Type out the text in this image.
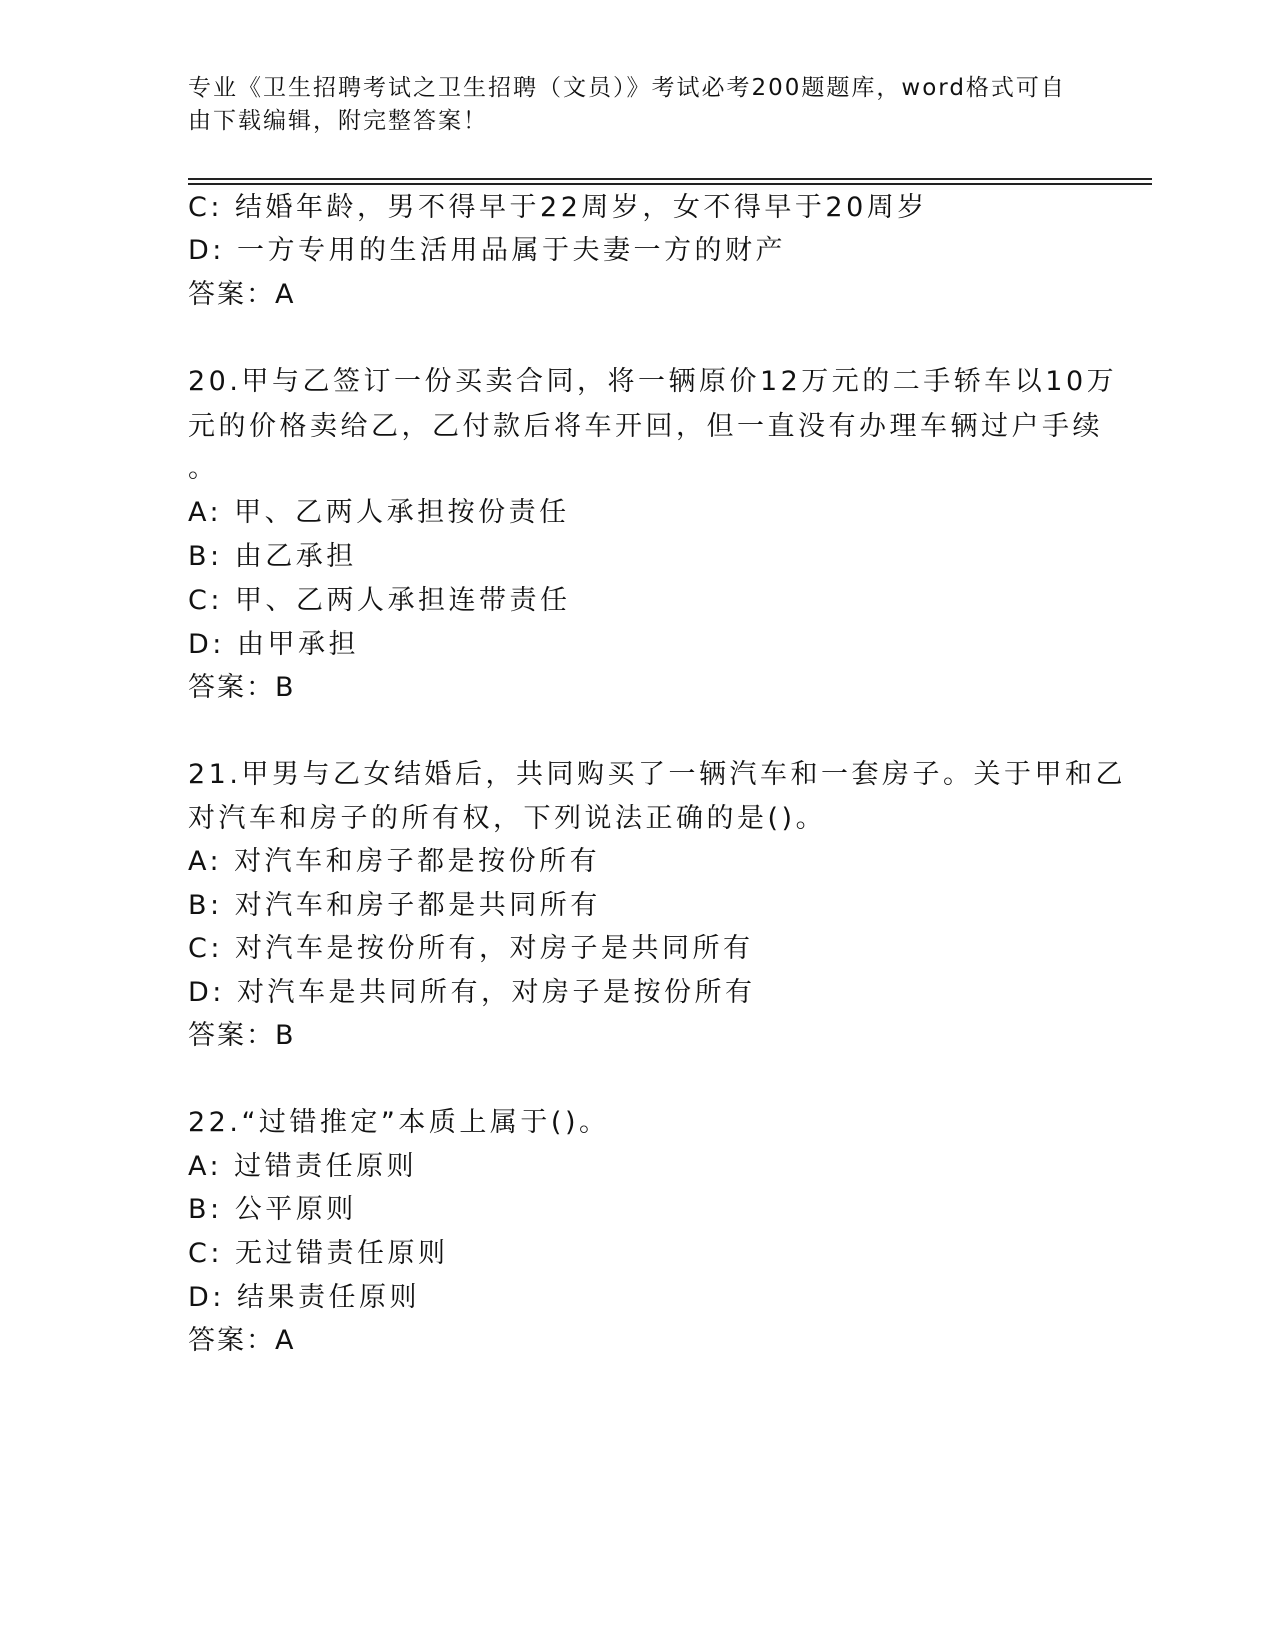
专业《卫生招聘考试之卫生招聘（文员）》考试必考200题题库，word格式可自
由下载编辑，附完整答案！
C: 结婚年龄，男不得早于22周岁，女不得早于20周岁
D: 一方专用的生活用品属于夫妻一方的财产
答案：A
20.甲与乙签订一份买卖合同，将一辆原价12万元的二手轿车以10万
元的价格卖给乙，乙付款后将车开回，但一直没有办理车辆过户手续
。
A: 甲、乙两人承担按份责任
B: 由乙承担
C: 甲、乙两人承担连带责任
D: 由甲承担
答案：B
21.甲男与乙女结婚后，共同购买了一辆汽车和一套房子。关于甲和乙
对汽车和房子的所有权，下列说法正确的是()。
A: 对汽车和房子都是按份所有
B: 对汽车和房子都是共同所有
C: 对汽车是按份所有，对房子是共同所有
D: 对汽车是共同所有，对房子是按份所有
答案：B
22.“过错推定”本质上属于()。
A: 过错责任原则
B: 公平原则
C: 无过错责任原则
D: 结果责任原则
答案：A
